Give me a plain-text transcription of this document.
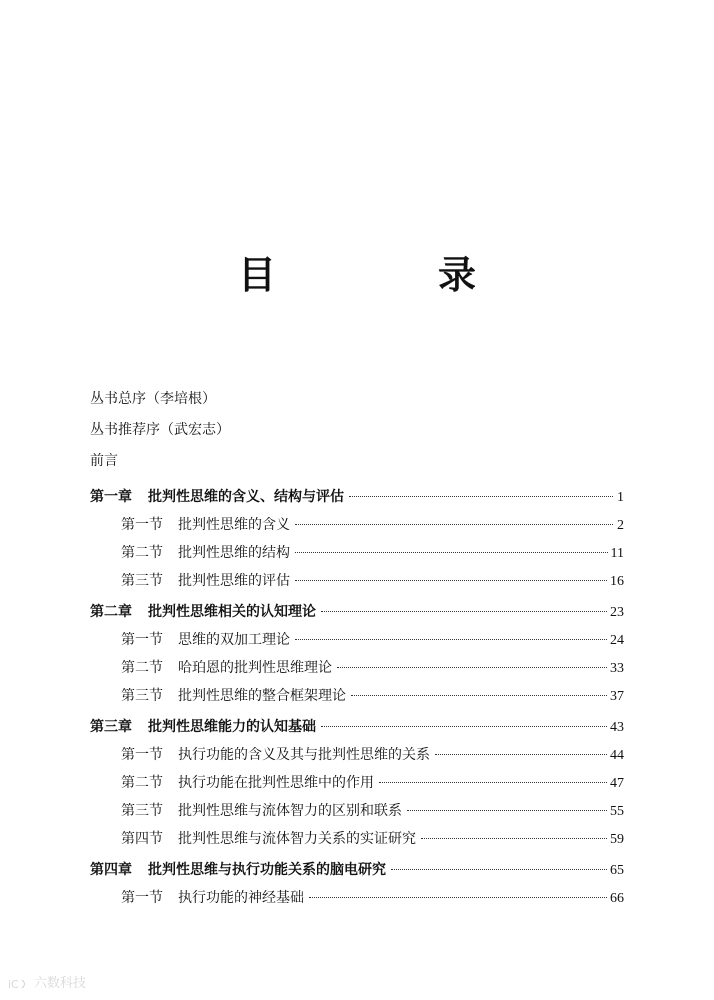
目　录
丛书总序（李培根）
丛书推荐序（武宏志）
前言
第一章	批判性思维的含义、结构与评估	1
第一节	批判性思维的含义	2
第二节	批判性思维的结构	11
第三节	批判性思维的评估	16
第二章	批判性思维相关的认知理论	23
第一节	思维的双加工理论	24
第二节	哈珀恩的批判性思维理论	33
第三节	批判性思维的整合框架理论	37
第三章	批判性思维能力的认知基础	43
第一节	执行功能的含义及其与批判性思维的关系	44
第二节	执行功能在批判性思维中的作用	47
第三节	批判性思维与流体智力的区别和联系	55
第四节	批判性思维与流体智力关系的实证研究	59
第四章	批判性思维与执行功能关系的脑电研究	65
第一节	执行功能的神经基础	66
iC 六数科技
